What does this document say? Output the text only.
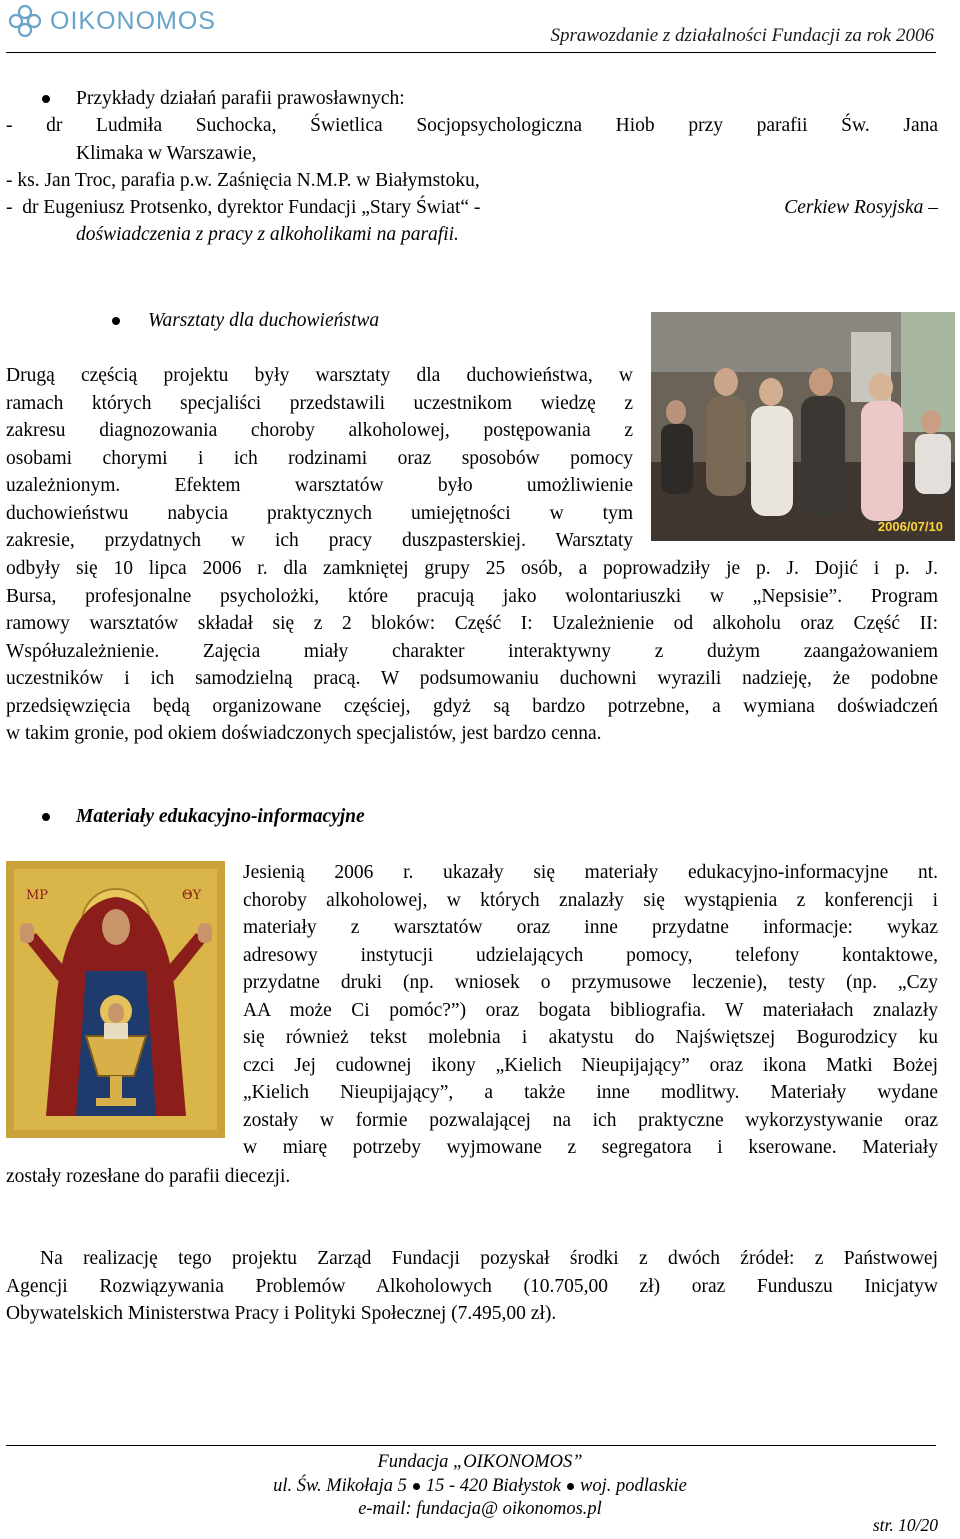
OIKONOMOS
Sprawozdanie z działalności Fundacji za rok 2006
Przykłady działań parafii prawosławnych:
- dr Ludmiła Suchocka, Świetlica Socjopsychologiczna Hiob przy parafii Św. Jana
Klimaka w Warszawie,
- ks. Jan Troc, parafia p.w. Zaśnięcia N.M.P. w Białymstoku,
-  dr Eugeniusz Protsenko, dyrektor Fundacji „Stary Świat“ -	Cerkiew Rosyjska –
doświadczenia z pracy z alkoholikami na parafii.
Warsztaty dla duchowieństwa
Drugą częścią projektu były warsztaty dla duchowieństwa, w
ramach których specjaliści przedstawili uczestnikom wiedzę z
zakresu diagnozowania choroby alkoholowej, postępowania z
osobami chorymi i ich rodzinami oraz sposobów pomocy
uzależnionym. Efektem warsztatów było umożliwienie
duchowieństwu nabycia praktycznych umiejętności w tym
zakresie, przydatnych w ich pracy duszpasterskiej. Warsztaty
odbyły się 10 lipca 2006 r. dla zamkniętej grupy 25 osób, a poprowadziły je p. J. Dojić i p. J.
Bursa, profesjonalne psycholożki, które pracują jako wolontariuszki w „Nepsisie”. Program
ramowy warsztatów składał się z 2 bloków: Część I: Uzależnienie od alkoholu oraz Część II:
Współuzależnienie. Zajęcia miały charakter interaktywny z dużym zaangażowaniem
uczestników i ich samodzielną pracą. W podsumowaniu duchowni wyrazili nadzieję, że podobne
przedsięwzięcia będą organizowane częściej, gdyż są bardzo potrzebne, a wymiana doświadczeń
w takim gronie, pod okiem doświadczonych specjalistów, jest bardzo cenna.
2006/07/10
Materiały edukacyjno-informacyjne
MP	ΘY
Jesienią 2006 r. ukazały się materiały edukacyjno-informacyjne nt.
choroby alkoholowej, w których znalazły się wystąpienia z konferencji i
materiały z warsztatów oraz inne przydatne informacje: wykaz
adresowy instytucji udzielających pomocy, telefony kontaktowe,
przydatne druki (np. wniosek o przymusowe leczenie), testy (np. „Czy
AA może Ci pomóc?”) oraz bogata bibliografia. W materiałach znalazły
się również tekst molebnia i akatystu do Najświętszej Bogurodzicy ku
czci Jej cudownej ikony „Kielich Nieupijający” oraz ikona Matki Bożej
„Kielich Nieupijający”, a także inne modlitwy. Materiały wydane
zostały w formie pozwalającej na ich praktyczne wykorzystywanie oraz
w miarę potrzeby wyjmowane z segregatora i kserowane. Materiały
zostały rozesłane do parafii diecezji.
Na realizację tego projektu Zarząd Fundacji pozyskał środki z dwóch źródeł: z Państwowej
Agencji Rozwiązywania Problemów Alkoholowych (10.705,00 zł) oraz Funduszu Inicjatyw
Obywatelskich Ministerstwa Pracy i Polityki Społecznej (7.495,00 zł).
Fundacja „OIKONOMOS”
ul. Św. Mikołaja 5 15 - 420 Białystok woj. podlaskie
e-mail: fundacja@ oikonomos.pl
str. 10/20
